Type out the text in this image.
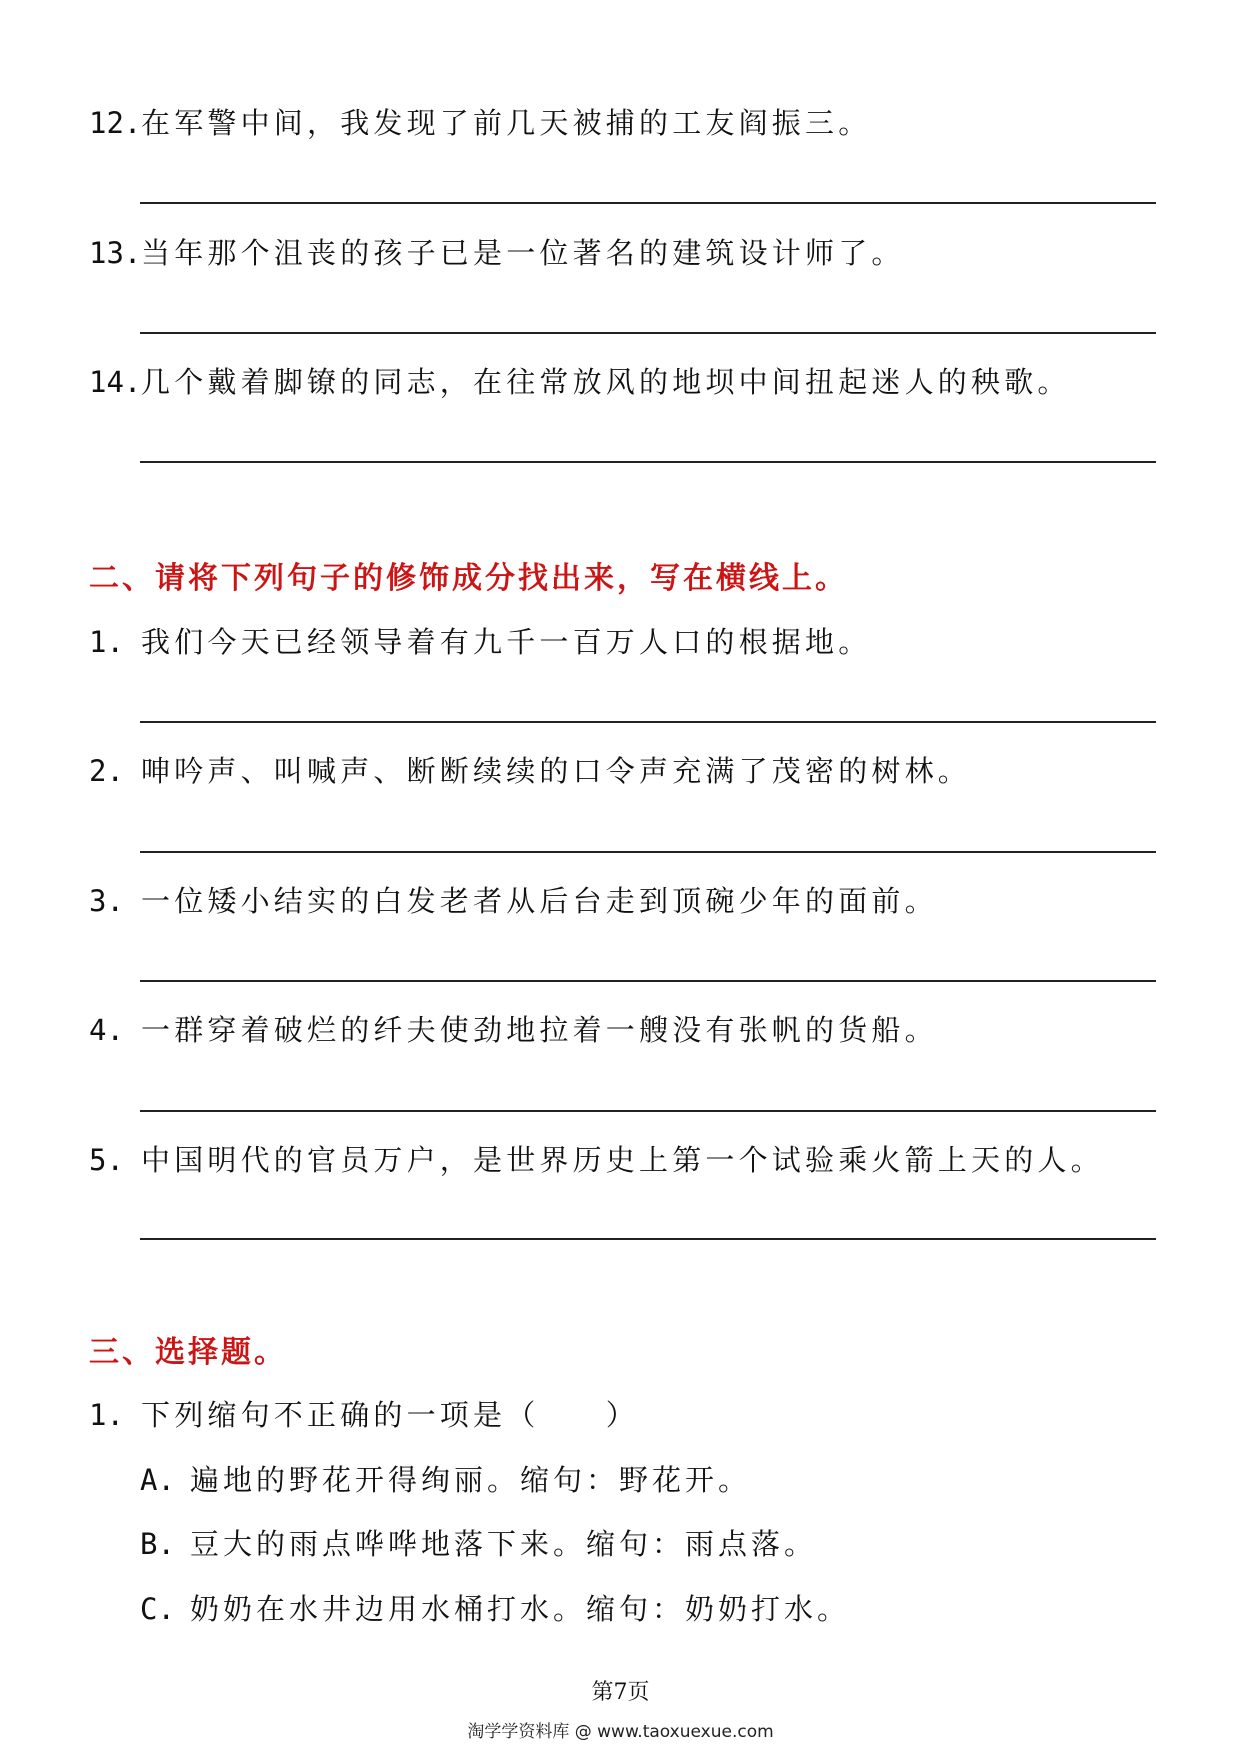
12. 在军警中间，我发现了前几天被捕的工友阎振三。
13. 当年那个沮丧的孩子已是一位著名的建筑设计师了。
14. 几个戴着脚镣的同志，在往常放风的地坝中间扭起迷人的秧歌。
二、请将下列句子的修饰成分找出来，写在横线上。
1. 我们今天已经领导着有九千一百万人口的根据地。
2. 呻吟声、叫喊声、断断续续的口令声充满了茂密的树林。
3. 一位矮小结实的白发老者从后台走到顶碗少年的面前。
4. 一群穿着破烂的纤夫使劲地拉着一艘没有张帆的货船。
5. 中国明代的官员万户，是世界历史上第一个试验乘火箭上天的人。
三、选择题。
1. 下列缩句不正确的一项是（　　）
A. 遍地的野花开得绚丽。缩句：野花开。
B. 豆大的雨点哗哗地落下来。缩句：雨点落。
C. 奶奶在水井边用水桶打水。缩句：奶奶打水。
第7页
淘学学资料库 @ www.taoxuexue.com
